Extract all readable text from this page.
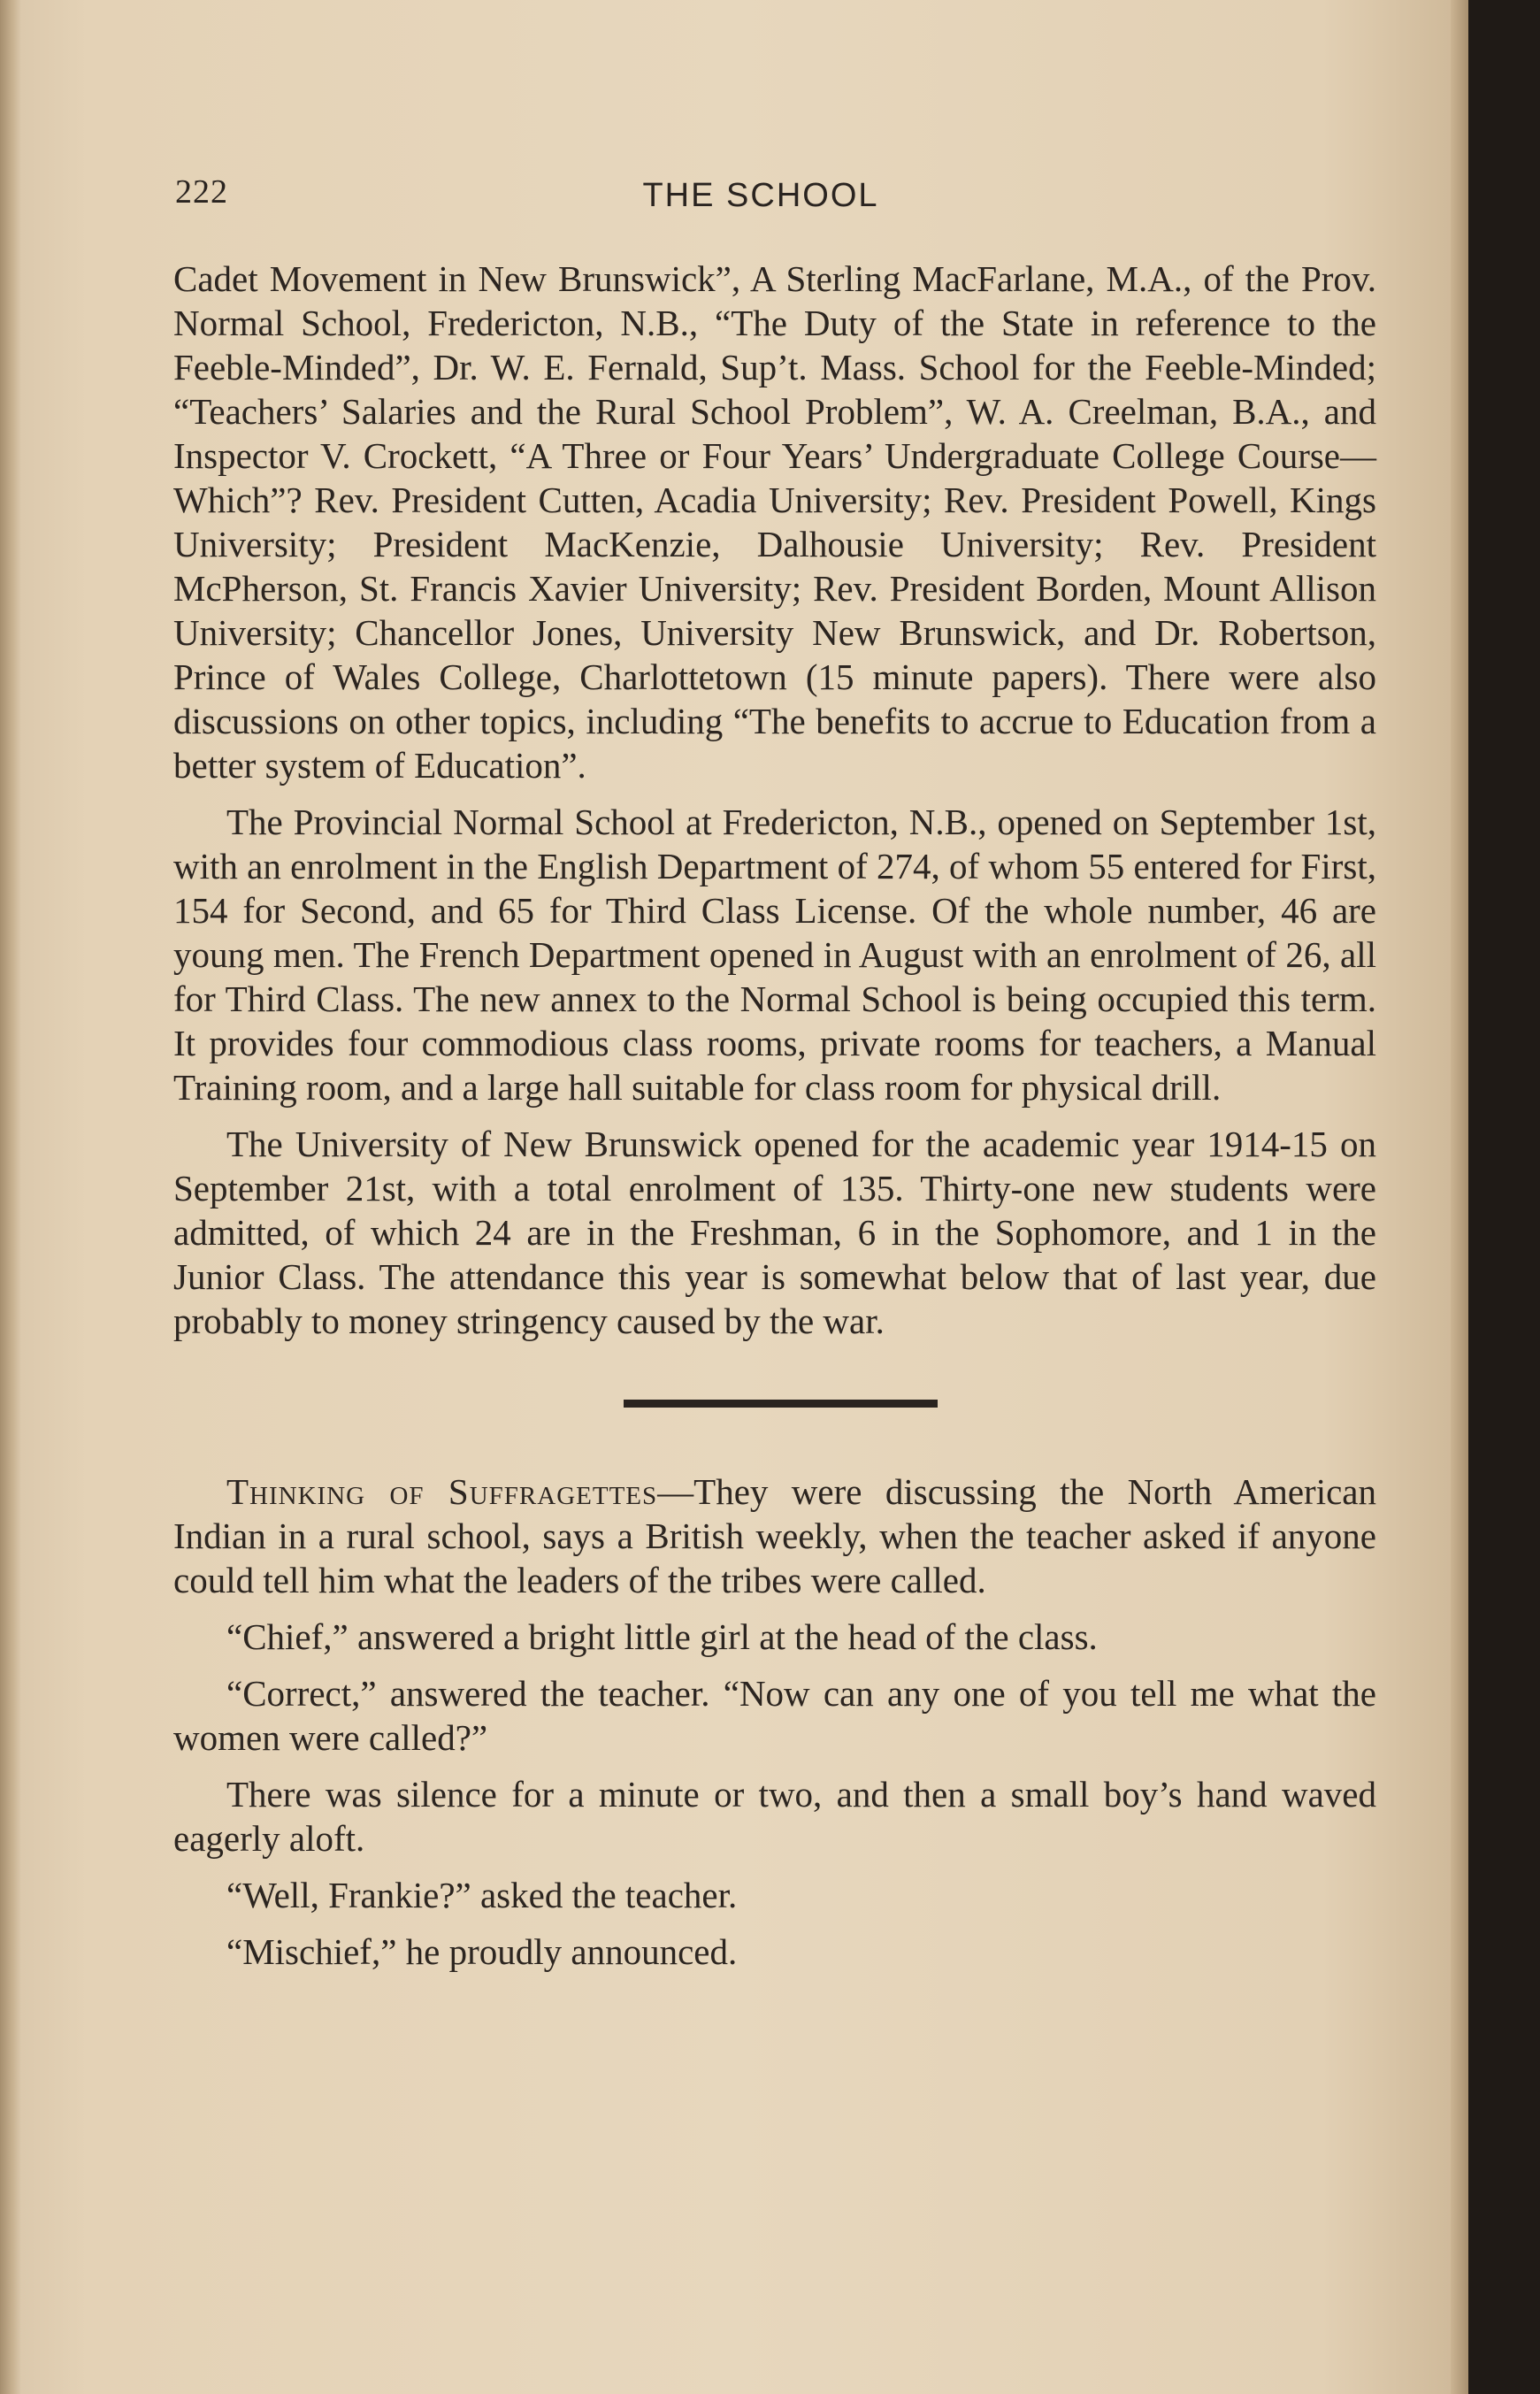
222	THE SCHOOL

Cadet Movement in New Brunswick”, A Sterling MacFarlane, M.A., of the Prov. Normal School, Fredericton, N.B., “The Duty of the State in reference to the Feeble-Minded”, Dr. W. E. Fernald, Sup’t. Mass. School for the Feeble-Minded; “Teachers’ Salaries and the Rural School Problem”, W. A. Creelman, B.A., and Inspector V. Crockett, “A Three or Four Years’ Undergraduate College Course—Which”? Rev. President Cutten, Acadia University; Rev. President Powell, Kings University; President MacKenzie, Dalhousie University; Rev. President McPherson, St. Francis Xavier University; Rev. President Borden, Mount Allison University; Chancellor Jones, University New Brunswick, and Dr. Robertson, Prince of Wales College, Charlottetown (15 minute papers). There were also discussions on other topics, including “The benefits to accrue to Education from a better system of Education”.

The Provincial Normal School at Fredericton, N.B., opened on September 1st, with an enrolment in the English Department of 274, of whom 55 entered for First, 154 for Second, and 65 for Third Class License. Of the whole number, 46 are young men. The French Department opened in August with an enrolment of 26, all for Third Class. The new annex to the Normal School is being occupied this term. It provides four commodious class rooms, private rooms for teachers, a Manual Training room, and a large hall suitable for class room for physical drill.

The University of New Brunswick opened for the academic year 1914-15 on September 21st, with a total enrolment of 135. Thirty-one new students were admitted, of which 24 are in the Freshman, 6 in the Sophomore, and 1 in the Junior Class. The attendance this year is somewhat below that of last year, due probably to money stringency caused by the war.

Thinking of Suffragettes—They were discussing the North American Indian in a rural school, says a British weekly, when the teacher asked if anyone could tell him what the leaders of the tribes were called.

“Chief,” answered a bright little girl at the head of the class.

“Correct,” answered the teacher. “Now can any one of you tell me what the women were called?”

There was silence for a minute or two, and then a small boy’s hand waved eagerly aloft.

“Well, Frankie?” asked the teacher.

“Mischief,” he proudly announced.
